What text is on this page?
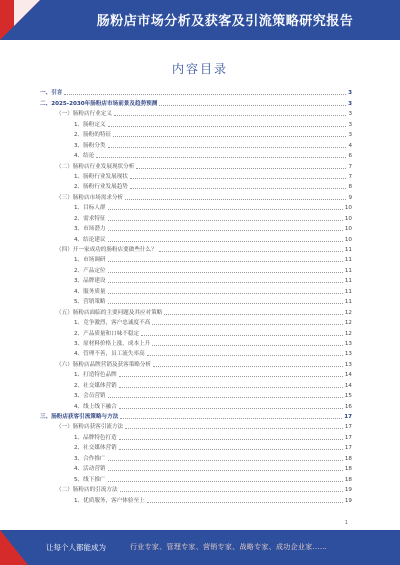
肠粉店市场分析及获客及引流策略研究报告
内容目录
一、引言	3
二、2025-2030年肠粉店市场前景及趋势预测	3
（一）肠粉店行业定义	3
1、肠粉定义	3
2、肠粉的特征	3
3、肠粉分类	4
4、结论	6
（二）肠粉店行业发展现状分析	7
1、肠粉行业发展现状	7
2、肠粉行业发展趋势	8
（三）肠粉店市场需求分析	9
1、目标人群	10
2、需求特征	10
3、市场潜力	10
4、结论建议	10
（四）开一家成功的肠粉店要做些什么？	11
1、市场调研	11
2、产品定位	11
3、品牌建设	11
4、服务质量	11
5、营销策略	11
（五）肠粉店面临的主要问题及其应对策略	12
1、竞争激烈，客户忠诚度不高	12
2、产品质量和口味不稳定	12
3、原材料价格上涨，成本上升	13
4、管理不善，员工流失率高	13
（六）肠粉店品牌营销及获客策略分析	13
1、打造特色品牌	14
2、社交媒体营销	14
3、会员营销	15
4、线上线下融合	16
三、肠粉店获客引流策略与方法	17
（一）肠粉店获客引流方法	17
1、品牌特色打造	17
2、社交媒体营销	17
3、合作推广	18
4、活动营销	18
5、线下推广	18
（二）肠粉店的引流方法	19
1、优质服务，客户体验至上	19
1
让每个人都能成为	行业专家、管理专家、营销专家、战略专家、成功企业家……
